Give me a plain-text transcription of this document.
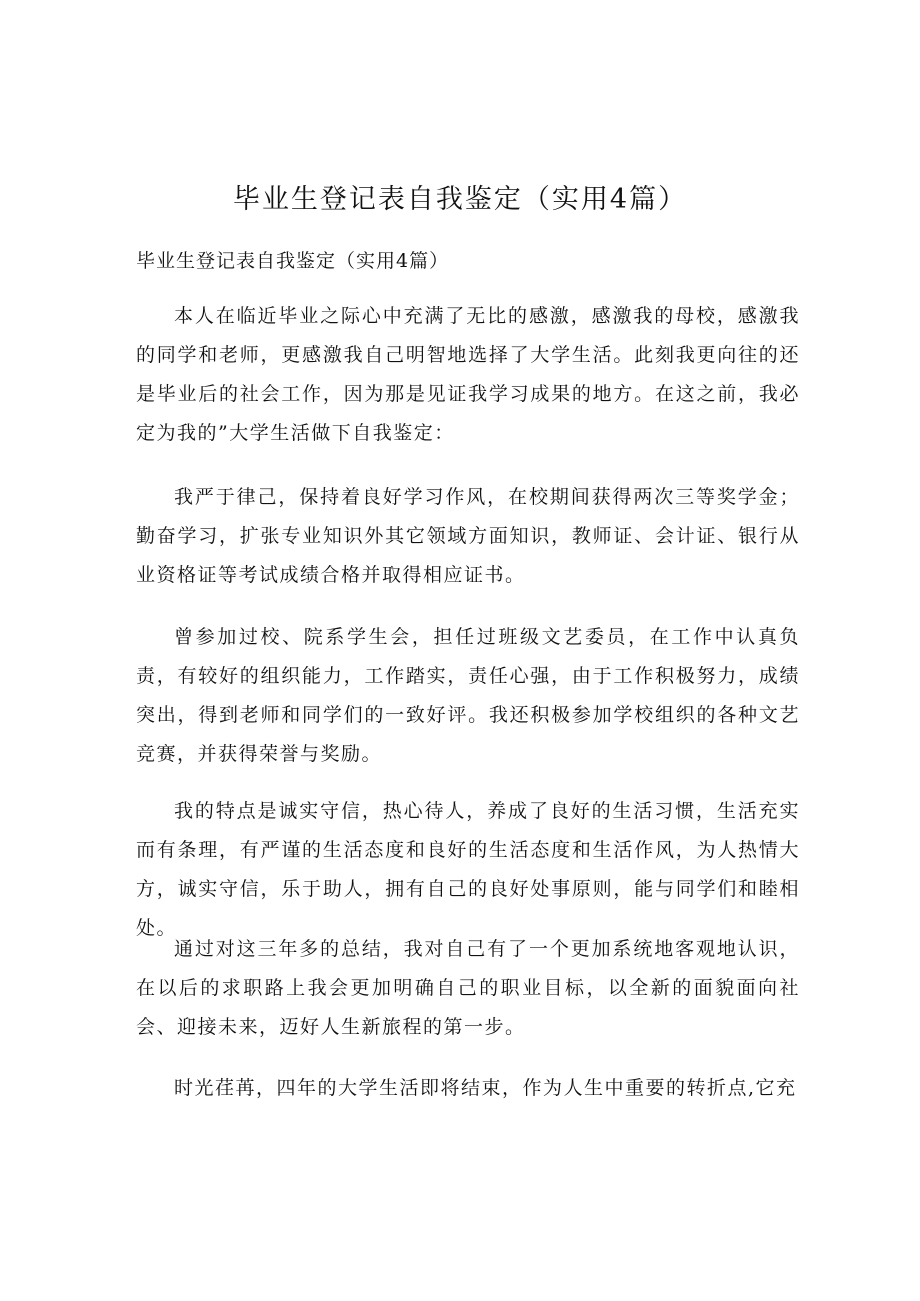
毕业生登记表自我鉴定（实用4篇）

毕业生登记表自我鉴定（实用4篇）

本人在临近毕业之际心中充满了无比的感激，感激我的母校，感激我的同学和老师，更感激我自己明智地选择了大学生活。此刻我更向往的还是毕业后的社会工作，因为那是见证我学习成果的地方。在这之前，我必定为我的”大学生活做下自我鉴定：

我严于律己，保持着良好学习作风，在校期间获得两次三等奖学金；勤奋学习，扩张专业知识外其它领域方面知识，教师证、会计证、银行从业资格证等考试成绩合格并取得相应证书。

曾参加过校、院系学生会，担任过班级文艺委员，在工作中认真负责，有较好的组织能力，工作踏实，责任心强，由于工作积极努力，成绩突出，得到老师和同学们的一致好评。我还积极参加学校组织的各种文艺竞赛，并获得荣誉与奖励。

我的特点是诚实守信，热心待人，养成了良好的生活习惯，生活充实而有条理，有严谨的生活态度和良好的生活态度和生活作风，为人热情大方，诚实守信，乐于助人，拥有自己的良好处事原则，能与同学们和睦相处。

通过对这三年多的总结，我对自己有了一个更加系统地客观地认识，在以后的求职路上我会更加明确自己的职业目标，以全新的面貌面向社会、迎接未来，迈好人生新旅程的第一步。

时光荏苒，四年的大学生活即将结束，作为人生中重要的转折点,它充
